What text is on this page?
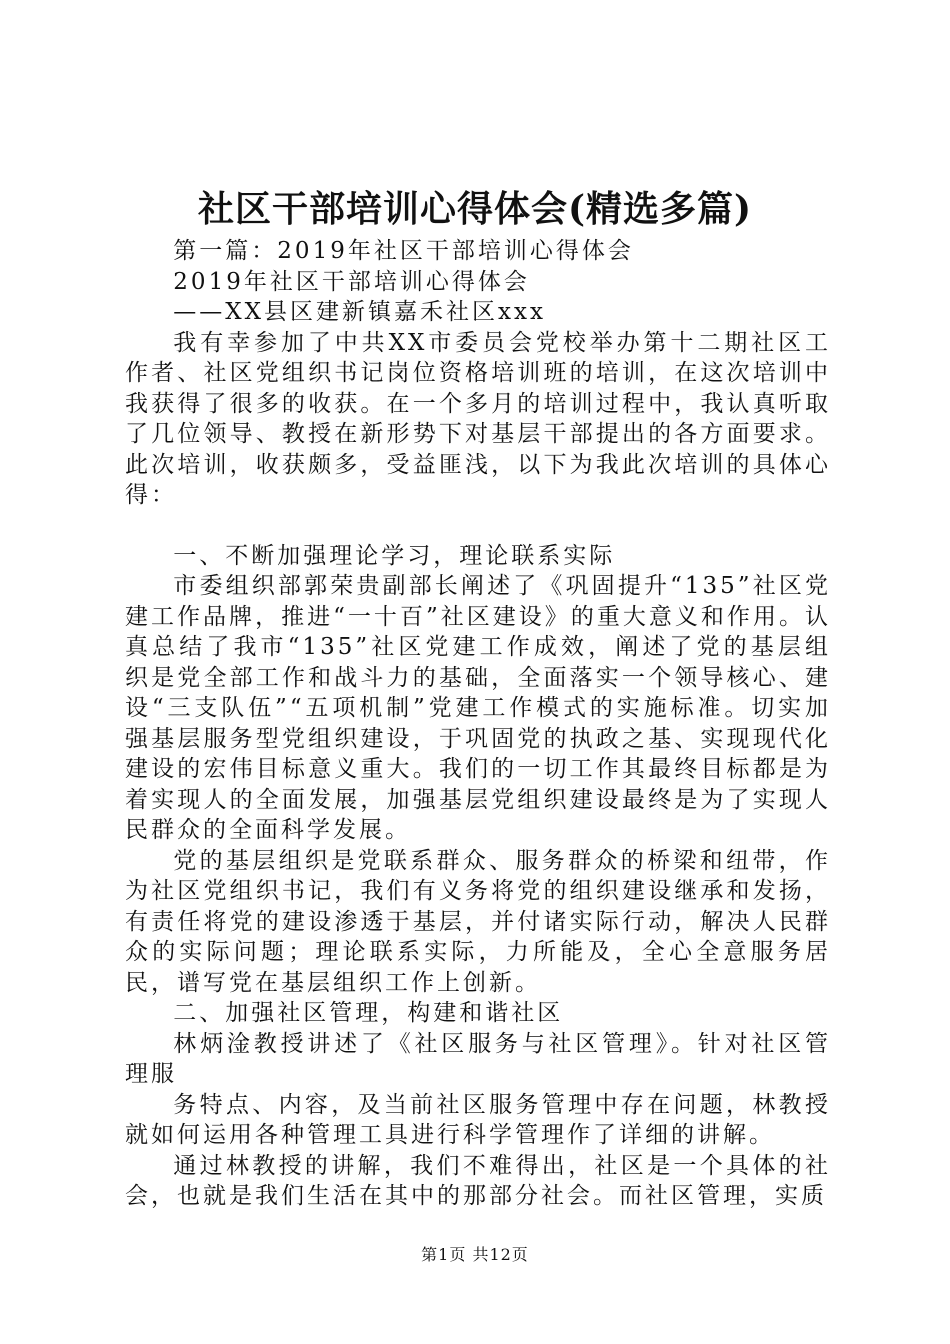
社区干部培训心得体会(精选多篇)

第一篇：2019年社区干部培训心得体会

2019年社区干部培训心得体会

——XX县区建新镇嘉禾社区xxx

我有幸参加了中共XX市委员会党校举办第十二期社区工作者、社区党组织书记岗位资格培训班的培训，在这次培训中我获得了很多的收获。在一个多月的培训过程中，我认真听取了几位领导、教授在新形势下对基层干部提出的各方面要求。此次培训，收获颇多，受益匪浅，以下为我此次培训的具体心得：

一、不断加强理论学习，理论联系实际

市委组织部郭荣贵副部长阐述了《巩固提升“135”社区党建工作品牌，推进“一十百”社区建设》的重大意义和作用。认真总结了我市“135”社区党建工作成效，阐述了党的基层组织是党全部工作和战斗力的基础，全面落实一个领导核心、建设“三支队伍”“五项机制”党建工作模式的实施标准。切实加强基层服务型党组织建设，于巩固党的执政之基、实现现代化建设的宏伟目标意义重大。我们的一切工作其最终目标都是为着实现人的全面发展，加强基层党组织建设最终是为了实现人民群众的全面科学发展。

党的基层组织是党联系群众、服务群众的桥梁和纽带，作为社区党组织书记，我们有义务将党的组织建设继承和发扬，有责任将党的建设渗透于基层，并付诸实际行动，解决人民群众的实际问题；理论联系实际，力所能及，全心全意服务居民，谱写党在基层组织工作上创新。

二、加强社区管理，构建和谐社区

林炳淦教授讲述了《社区服务与社区管理》。针对社区管理服

务特点、内容，及当前社区服务管理中存在问题，林教授就如何运用各种管理工具进行科学管理作了详细的讲解。

通过林教授的讲解，我们不难得出，社区是一个具体的社会，也就是我们生活在其中的那部分社会。而社区管理，实质

第1页 共12页
